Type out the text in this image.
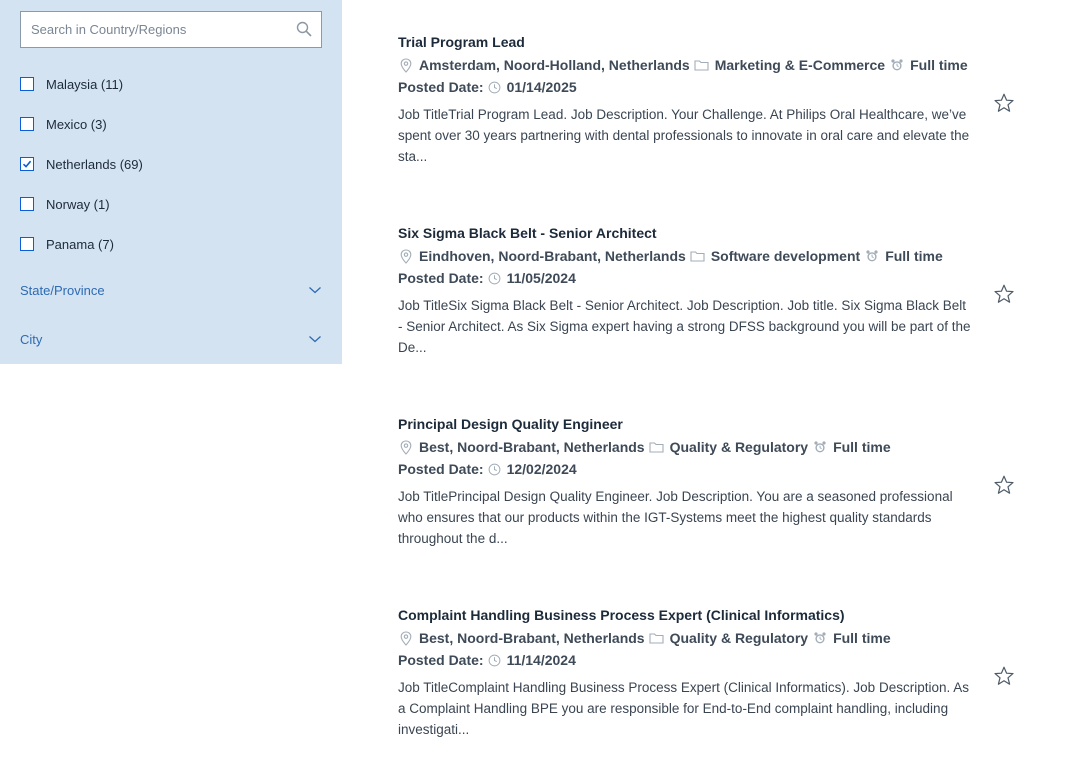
Search in Country/Regions
Malaysia (11)
Mexico (3)
Netherlands (69)
Norway (1)
Panama (7)
State/Province
City
Trial Program Lead
Amsterdam, Noord-Holland, Netherlands Marketing & E-Commerce Full time
Posted Date: 01/14/2025
Job TitleTrial Program Lead. Job Description. Your Challenge. At Philips Oral Healthcare, we’ve spent over 30 years partnering with dental professionals to innovate in oral care and elevate the sta...
Six Sigma Black Belt - Senior Architect
Eindhoven, Noord-Brabant, Netherlands Software development Full time
Posted Date: 11/05/2024
Job TitleSix Sigma Black Belt - Senior Architect. Job Description. Job title. Six Sigma Black Belt - Senior Architect. As Six Sigma expert having a strong DFSS background you will be part of the De...
Principal Design Quality Engineer
Best, Noord-Brabant, Netherlands Quality & Regulatory Full time
Posted Date: 12/02/2024
Job TitlePrincipal Design Quality Engineer. Job Description. You are a seasoned professional who ensures that our products within the IGT-Systems meet the highest quality standards throughout the d...
Complaint Handling Business Process Expert (Clinical Informatics)
Best, Noord-Brabant, Netherlands Quality & Regulatory Full time
Posted Date: 11/14/2024
Job TitleComplaint Handling Business Process Expert (Clinical Informatics). Job Description. As a Complaint Handling BPE you are responsible for End-to-End complaint handling, including investigati...
